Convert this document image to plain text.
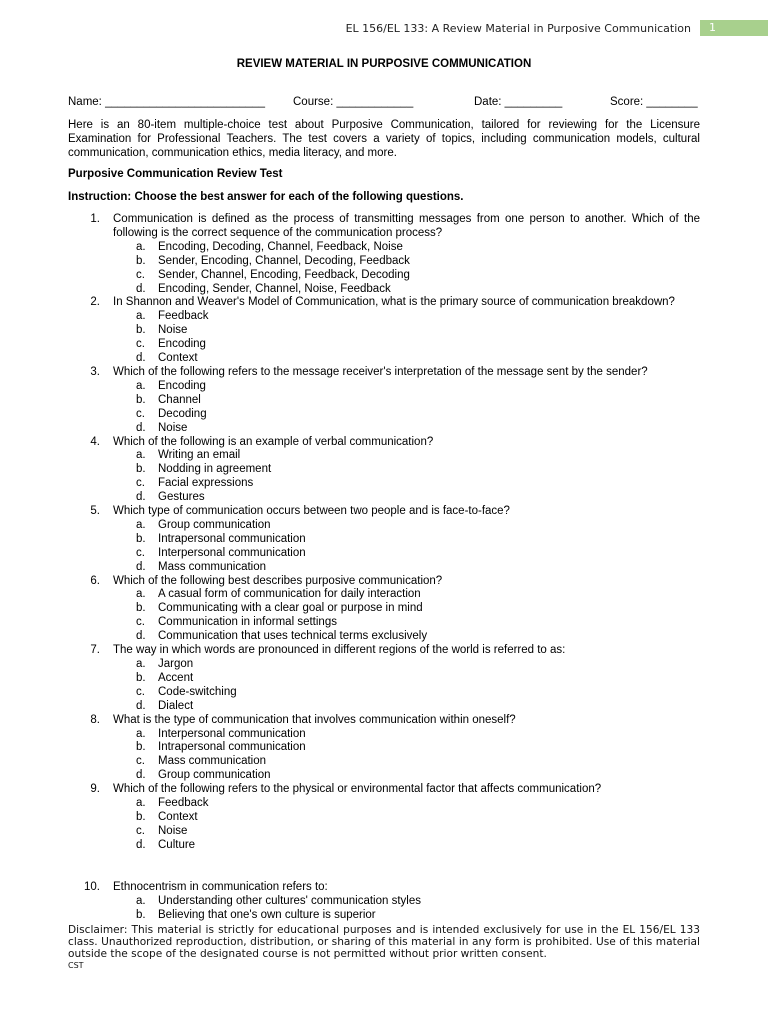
EL 156/EL 133: A Review Material in Purposive Communication	1
REVIEW MATERIAL IN PURPOSIVE COMMUNICATION
Name: _________________________ Course: ____________	Date: _________	Score: ________
Here is an 80-item multiple-choice test about Purposive Communication, tailored for reviewing for the Licensure Examination for Professional Teachers. The test covers a variety of topics, including communication models, cultural communication, communication ethics, media literacy, and more.
Purposive Communication Review Test
Instruction: Choose the best answer for each of the following questions.
1. Communication is defined as the process of transmitting messages from one person to another. Which of the following is the correct sequence of the communication process?
a. Encoding, Decoding, Channel, Feedback, Noise
b. Sender, Encoding, Channel, Decoding, Feedback
c. Sender, Channel, Encoding, Feedback, Decoding
d. Encoding, Sender, Channel, Noise, Feedback
2. In Shannon and Weaver's Model of Communication, what is the primary source of communication breakdown?
a. Feedback
b. Noise
c. Encoding
d. Context
3. Which of the following refers to the message receiver's interpretation of the message sent by the sender?
a. Encoding
b. Channel
c. Decoding
d. Noise
4. Which of the following is an example of verbal communication?
a. Writing an email
b. Nodding in agreement
c. Facial expressions
d. Gestures
5. Which type of communication occurs between two people and is face-to-face?
a. Group communication
b. Intrapersonal communication
c. Interpersonal communication
d. Mass communication
6. Which of the following best describes purposive communication?
a. A casual form of communication for daily interaction
b. Communicating with a clear goal or purpose in mind
c. Communication in informal settings
d. Communication that uses technical terms exclusively
7. The way in which words are pronounced in different regions of the world is referred to as:
a. Jargon
b. Accent
c. Code-switching
d. Dialect
8. What is the type of communication that involves communication within oneself?
a. Interpersonal communication
b. Intrapersonal communication
c. Mass communication
d. Group communication
9. Which of the following refers to the physical or environmental factor that affects communication?
a. Feedback
b. Context
c. Noise
d. Culture
10. Ethnocentrism in communication refers to:
a. Understanding other cultures' communication styles
b. Believing that one's own culture is superior
Disclaimer: This material is strictly for educational purposes and is intended exclusively for use in the EL 156/EL 133 class. Unauthorized reproduction, distribution, or sharing of this material in any form is prohibited. Use of this material outside the scope of the designated course is not permitted without prior written consent.
CST
